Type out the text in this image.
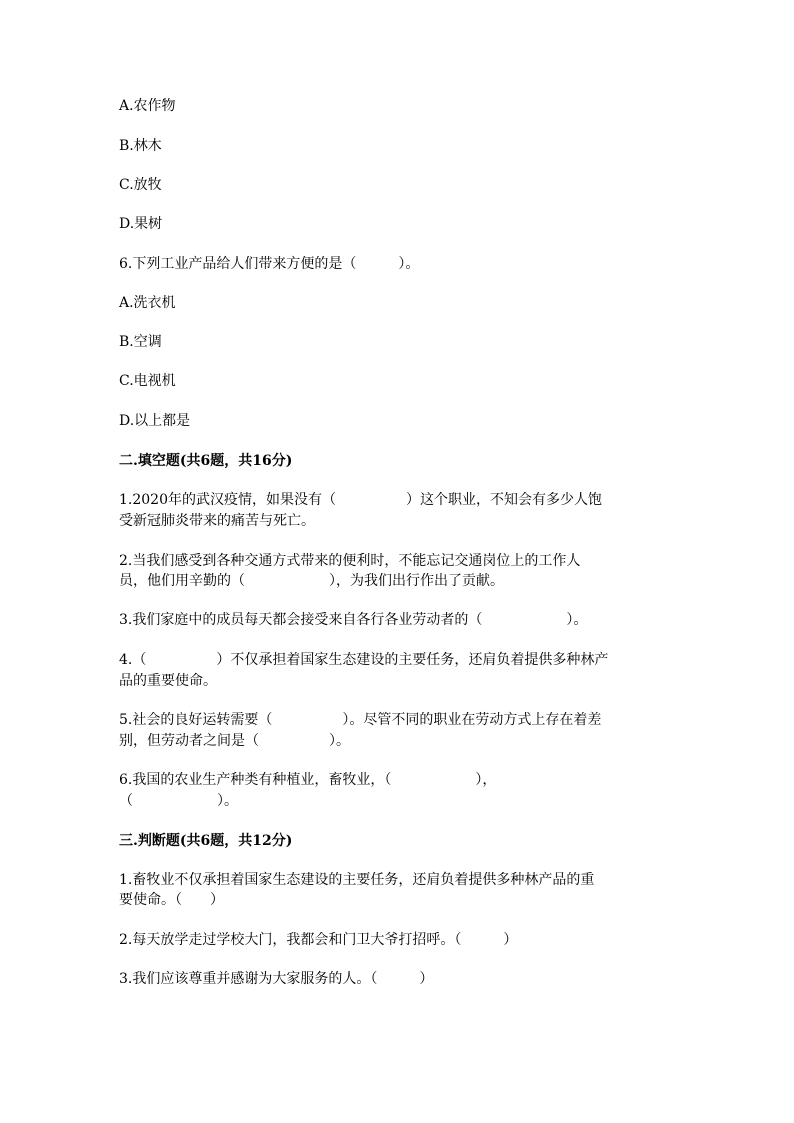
A.农作物
B.林木
C.放牧
D.果树
6.下列工业产品给人们带来方便的是（　　　）。
A.洗衣机
B.空调
C.电视机
D.以上都是
二.填空题(共6题，共16分)
1.2020年的武汉疫情，如果没有（　　　　　）这个职业，不知会有多少人饱
受新冠肺炎带来的痛苦与死亡。
2.当我们感受到各种交通方式带来的便利时，不能忘记交通岗位上的工作人
员，他们用辛勤的（　　　　　　），为我们出行作出了贡献。
3.我们家庭中的成员每天都会接受来自各行各业劳动者的（　　　　　　）。
4.（　　　　　）不仅承担着国家生态建设的主要任务，还肩负着提供多种林产
品的重要使命。
5.社会的良好运转需要（　　　　　）。尽管不同的职业在劳动方式上存在着差
别，但劳动者之间是（　　　　　）。
6.我国的农业生产种类有种植业，畜牧业，（　　　　　　），
（　　　　　　）。
三.判断题(共6题，共12分)
1.畜牧业不仅承担着国家生态建设的主要任务，还肩负着提供多种林产品的重
要使命。（　　）
2.每天放学走过学校大门，我都会和门卫大爷打招呼。（　　　）
3.我们应该尊重并感谢为大家服务的人。（　　　）
